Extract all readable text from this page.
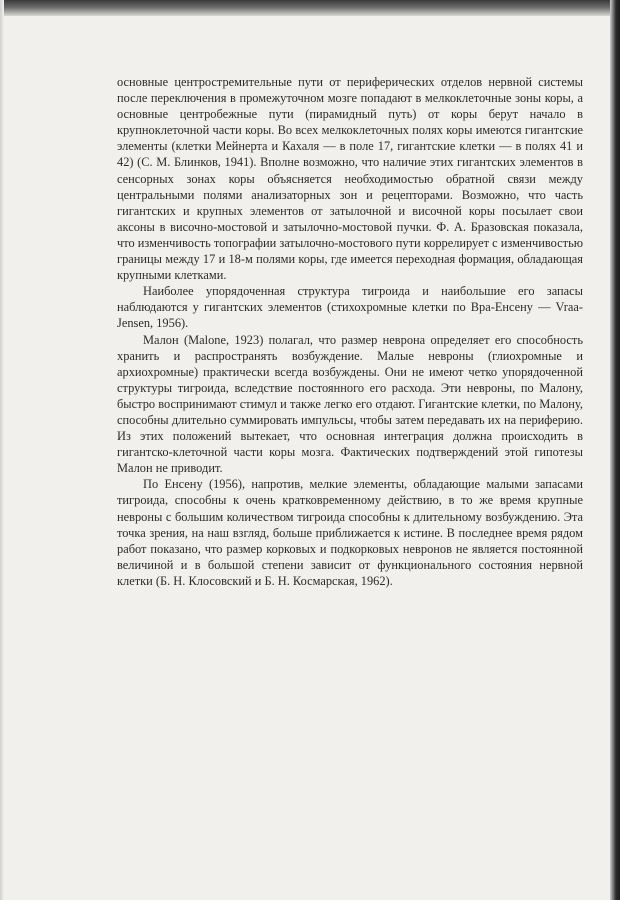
основные центростремительные пути от периферических отделов нервной системы после переключения в промежуточном мозге попадают в мелкоклеточные зоны коры, а основные центробежные пути (пирамидный путь) от коры берут начало в крупноклеточной части коры. Во всех мелкоклеточных полях коры имеются гигантские элементы (клетки Мейнерта и Кахаля — в поле 17, гигантские клетки — в полях 41 и 42) (С. М. Блинков, 1941). Вполне возможно, что наличие этих гигантских элементов в сенсорных зонах коры объясняется необходимостью обратной связи между центральными полями анализаторных зон и рецепторами. Возможно, что часть гигантских и крупных элементов от затылочной и височной коры посылает свои аксоны в височно-мостовой и затылочно-мостовой пучки. Ф. А. Бразовская показала, что изменчивость топографии затылочно-мостового пути коррелирует с изменчивостью границы между 17 и 18-м полями коры, где имеется переходная формация, обладающая крупными клетками.

Наиболее упорядоченная структура тигроида и наибольшие его запасы наблюдаются у гигантских элементов (стихохромные клетки по Вра-Енсену — Vraa-Jensen, 1956).

Малон (Malone, 1923) полагал, что размер неврона определяет его способность хранить и распространять возбуждение. Малые невроны (глиохромные и архиохромные) практически всегда возбуждены. Они не имеют четко упорядоченной структуры тигроида, вследствие постоянного его расхода. Эти невроны, по Малону, быстро воспринимают стимул и также легко его отдают. Гигантские клетки, по Малону, способны длительно суммировать импульсы, чтобы затем передавать их на периферию. Из этих положений вытекает, что основная интеграция должна происходить в гигантско-клеточной части коры мозга. Фактических подтверждений этой гипотезы Малон не приводит.

По Енсену (1956), напротив, мелкие элементы, обладающие малыми запасами тигроида, способны к очень кратковременному действию, в то же время крупные невроны с большим количеством тигроида способны к длительному возбуждению. Эта точка зрения, на наш взгляд, больше приближается к истине. В последнее время рядом работ показано, что размер корковых и подкорковых невронов не является постоянной величиной и в большой степени зависит от функционального состояния нервной клетки (Б. Н. Клосовский и Б. Н. Космарская, 1962).
